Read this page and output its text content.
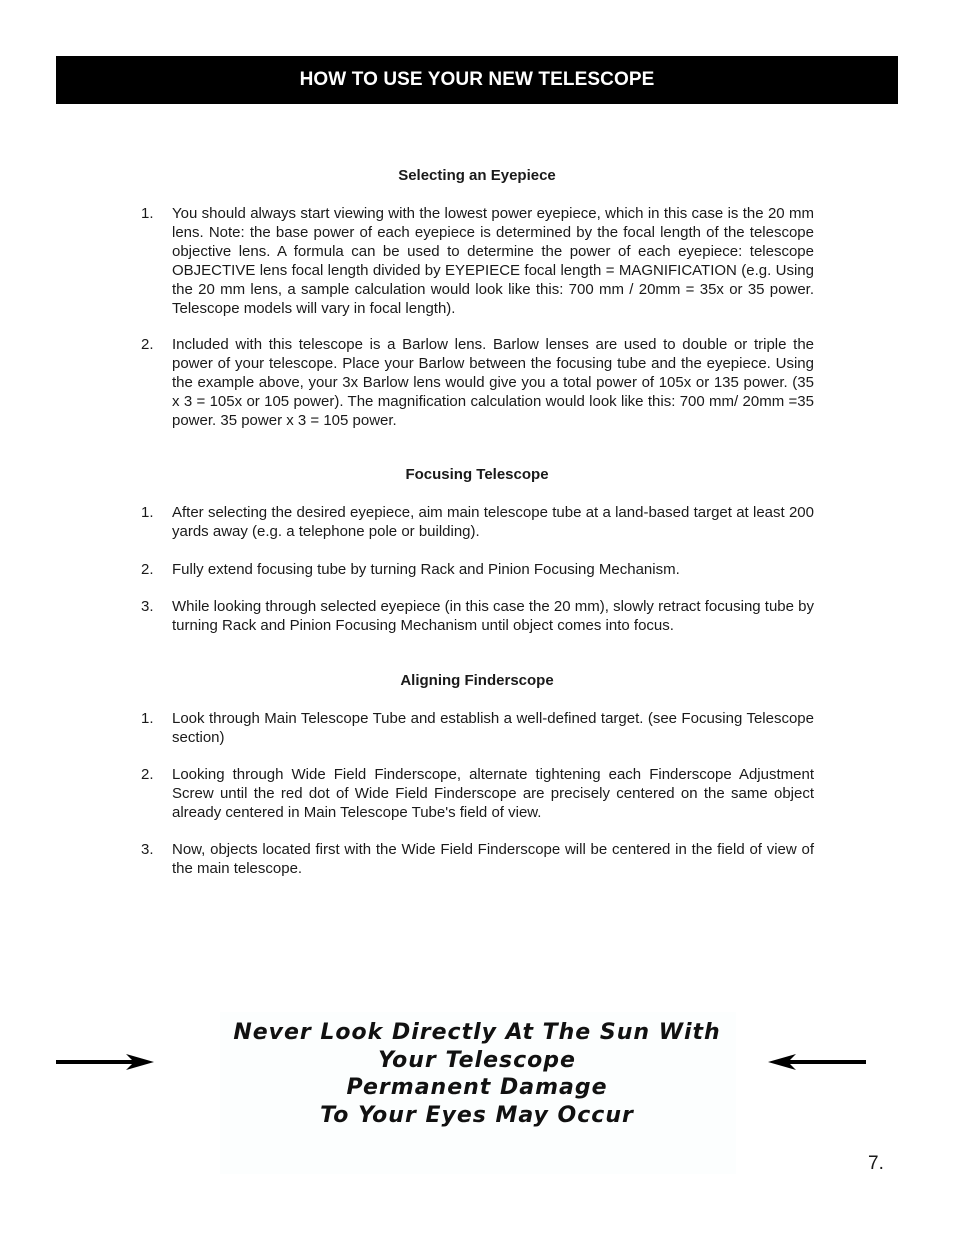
HOW TO USE YOUR NEW TELESCOPE
Selecting an Eyepiece
1. You should always start viewing with the lowest power eyepiece, which in this case is the 20 mm lens. Note: the base power of each eyepiece is determined by the focal length of the telescope objective lens. A formula can be used to determine the power of each eyepiece: telescope OBJECTIVE lens focal length divided by EYEPIECE focal length = MAGNIFICATION (e.g. Using the 20 mm lens, a sample calculation would look like this: 700 mm / 20mm = 35x or 35 power. Telescope models will vary in focal length).
2. Included with this telescope is a Barlow lens. Barlow lenses are used to double or triple the power of your telescope. Place your Barlow between the focusing tube and the eyepiece. Using the example above, your 3x Barlow lens would give you a total power of 105x or 135 power. (35 x 3 = 105x or 105 power). The magnification calculation would look like this: 700 mm/ 20mm =35 power. 35 power x 3 = 105 power.
Focusing Telescope
1. After selecting the desired eyepiece, aim main telescope tube at a land-based target at least 200 yards away (e.g. a telephone pole or building).
2. Fully extend focusing tube by turning Rack and Pinion Focusing Mechanism.
3. While looking through selected eyepiece (in this case the 20 mm), slowly retract focusing tube by turning Rack and Pinion Focusing Mechanism until object comes into focus.
Aligning Finderscope
1. Look through Main Telescope Tube and establish a well-defined target. (see Focusing Telescope section)
2. Looking through Wide Field Finderscope, alternate tightening each Finderscope Adjustment Screw until the red dot of Wide Field Finderscope are precisely centered on the same object already centered in Main Telescope Tube's field of view.
3. Now, objects located first with the Wide Field Finderscope will be centered in the field of view of the main telescope.
Never Look Directly At The Sun With
Your Telescope
Permanent Damage
To Your Eyes May Occur
7.
